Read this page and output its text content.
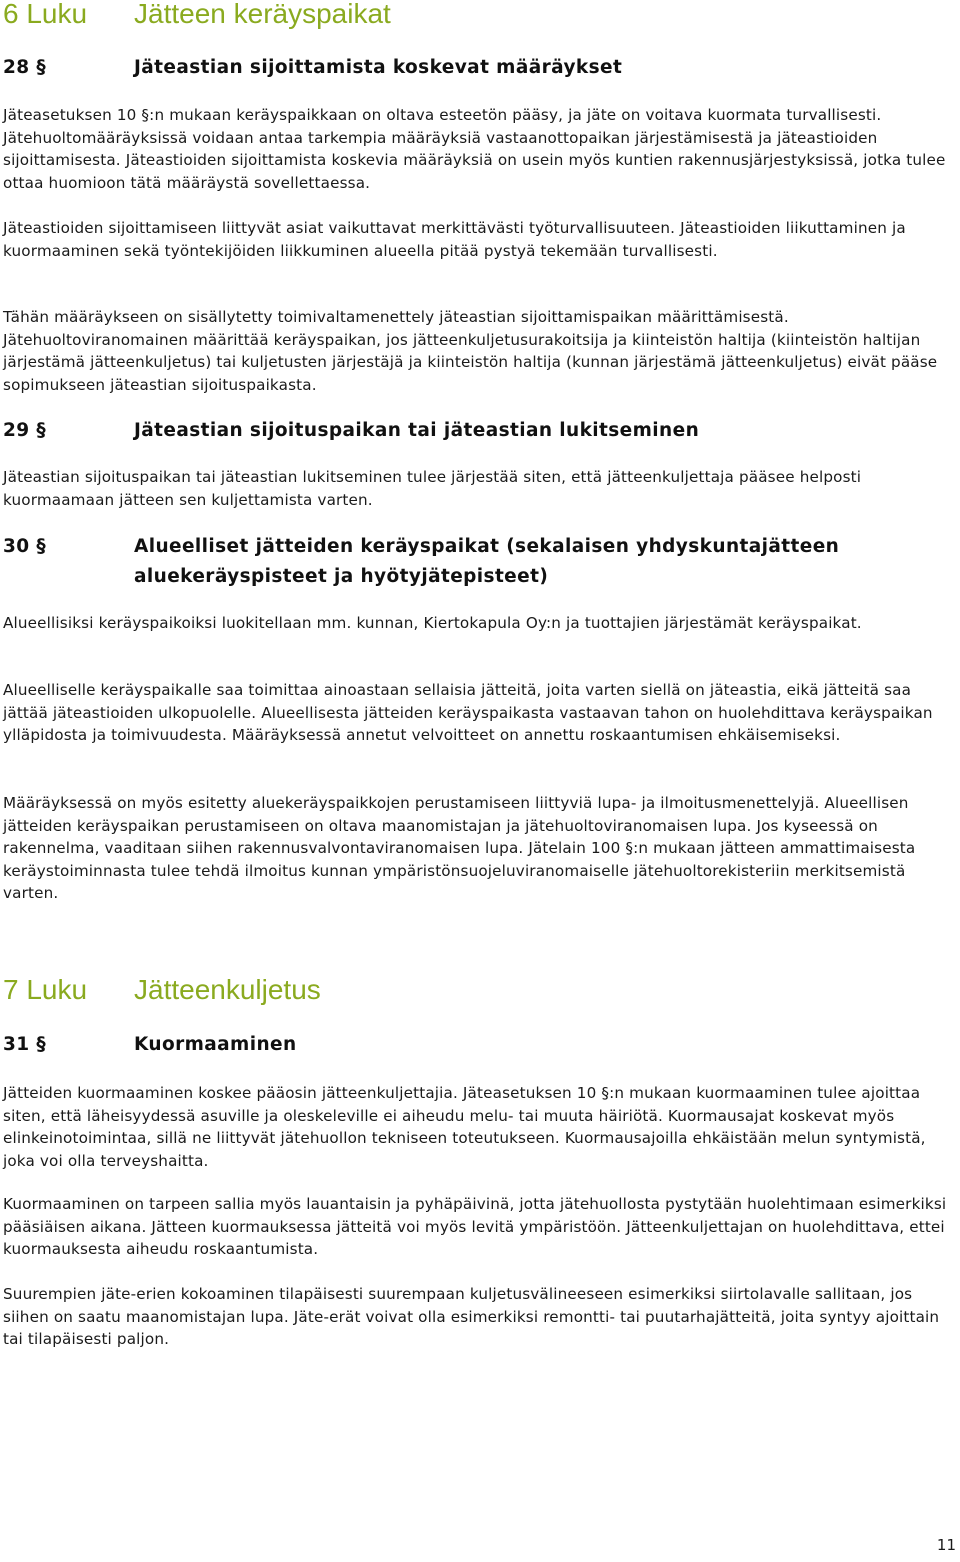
6 Luku Jätteen keräyspaikat
28 §	Jäteastian sijoittamista koskevat määräykset

Jäteasetuksen 10 §:n mukaan keräyspaikkaan on oltava esteetön pääsy, ja jäte on voitava kuormata turvallisesti. Jätehuoltomääräyksissä voidaan antaa tarkempia määräyksiä vastaanottopaikan järjestämisestä ja jäteastioiden sijoittamisesta. Jäteastioiden sijoittamista koskevia määräyksiä on usein myös kuntien rakennusjärjestyksissä, jotka tulee ottaa huomioon tätä määräystä sovellettaessa.

Jäteastioiden sijoittamiseen liittyvät asiat vaikuttavat merkittävästi työturvallisuuteen. Jäteastioiden liikuttaminen ja kuormaaminen sekä työntekijöiden liikkuminen alueella pitää pystyä tekemään turvallisesti.

Tähän määräykseen on sisällytetty toimivaltamenettely jäteastian sijoittamispaikan määrittämisestä. Jätehuoltoviranomainen määrittää keräyspaikan, jos jätteenkuljetusurakoitsija ja kiinteistön haltija (kiinteistön haltijan järjestämä jätteenkuljetus) tai kuljetusten järjestäjä ja kiinteistön haltija (kunnan järjestämä jätteenkuljetus) eivät pääse sopimukseen jäteastian sijoituspaikasta.

29 §	Jäteastian sijoituspaikan tai jäteastian lukitseminen

Jäteastian sijoituspaikan tai jäteastian lukitseminen tulee järjestää siten, että jätteenkuljettaja pääsee helposti kuormaamaan jätteen sen kuljettamista varten.

30 §	Alueelliset jätteiden keräyspaikat (sekalaisen yhdyskuntajätteen aluekeräyspisteet ja hyötyjätepisteet)

Alueellisiksi keräyspaikoiksi luokitellaan mm. kunnan, Kiertokapula Oy:n ja tuottajien järjestämät keräyspaikat.

Alueelliselle keräyspaikalle saa toimittaa ainoastaan sellaisia jätteitä, joita varten siellä on jäteastia, eikä jätteitä saa jättää jäteastioiden ulkopuolelle. Alueellisesta jätteiden keräyspaikasta vastaavan tahon on huolehdittava keräyspaikan ylläpidosta ja toimivuudesta. Määräyksessä annetut velvoitteet on annettu roskaantumisen ehkäisemiseksi.

Määräyksessä on myös esitetty aluekeräyspaikkojen perustamiseen liittyviä lupa- ja ilmoitusmenettelyjä. Alueellisen jätteiden keräyspaikan perustamiseen on oltava maanomistajan ja jätehuoltoviranomaisen lupa. Jos kyseessä on rakennelma, vaaditaan siihen rakennusvalvontaviranomaisen lupa. Jätelain 100 §:n mukaan jätteen ammattimaisesta keräystoiminnasta tulee tehdä ilmoitus kunnan ympäristönsuojeluviranomaiselle jätehuoltorekisteriin merkitsemistä varten.

7 Luku Jätteenkuljetus
31 §	Kuormaaminen

Jätteiden kuormaaminen koskee pääosin jätteenkuljettajia. Jäteasetuksen 10 §:n mukaan kuormaaminen tulee ajoittaa siten, että läheisyydessä asuville ja oleskeleville ei aiheudu melu- tai muuta häiriötä. Kuormausajat koskevat myös elinkeinotoimintaa, sillä ne liittyvät jätehuollon tekniseen toteutukseen. Kuormausajoilla ehkäistään melun syntymistä, joka voi olla terveyshaitta.

Kuormaaminen on tarpeen sallia myös lauantaisin ja pyhäpäivinä, jotta jätehuollosta pystytään huolehtimaan esimerkiksi pääsiäisen aikana. Jätteen kuormauksessa jätteitä voi myös levitä ympäristöön. Jätteenkuljettajan on huolehdittava, ettei kuormauksesta aiheudu roskaantumista.

Suurempien jäte-erien kokoaminen tilapäisesti suurempaan kuljetusvälineeseen esimerkiksi siirtolavalle sallitaan, jos siihen on saatu maanomistajan lupa. Jäte-erät voivat olla esimerkiksi remontti- tai puutarhajätteitä, joita syntyy ajoittain tai tilapäisesti paljon.

11
